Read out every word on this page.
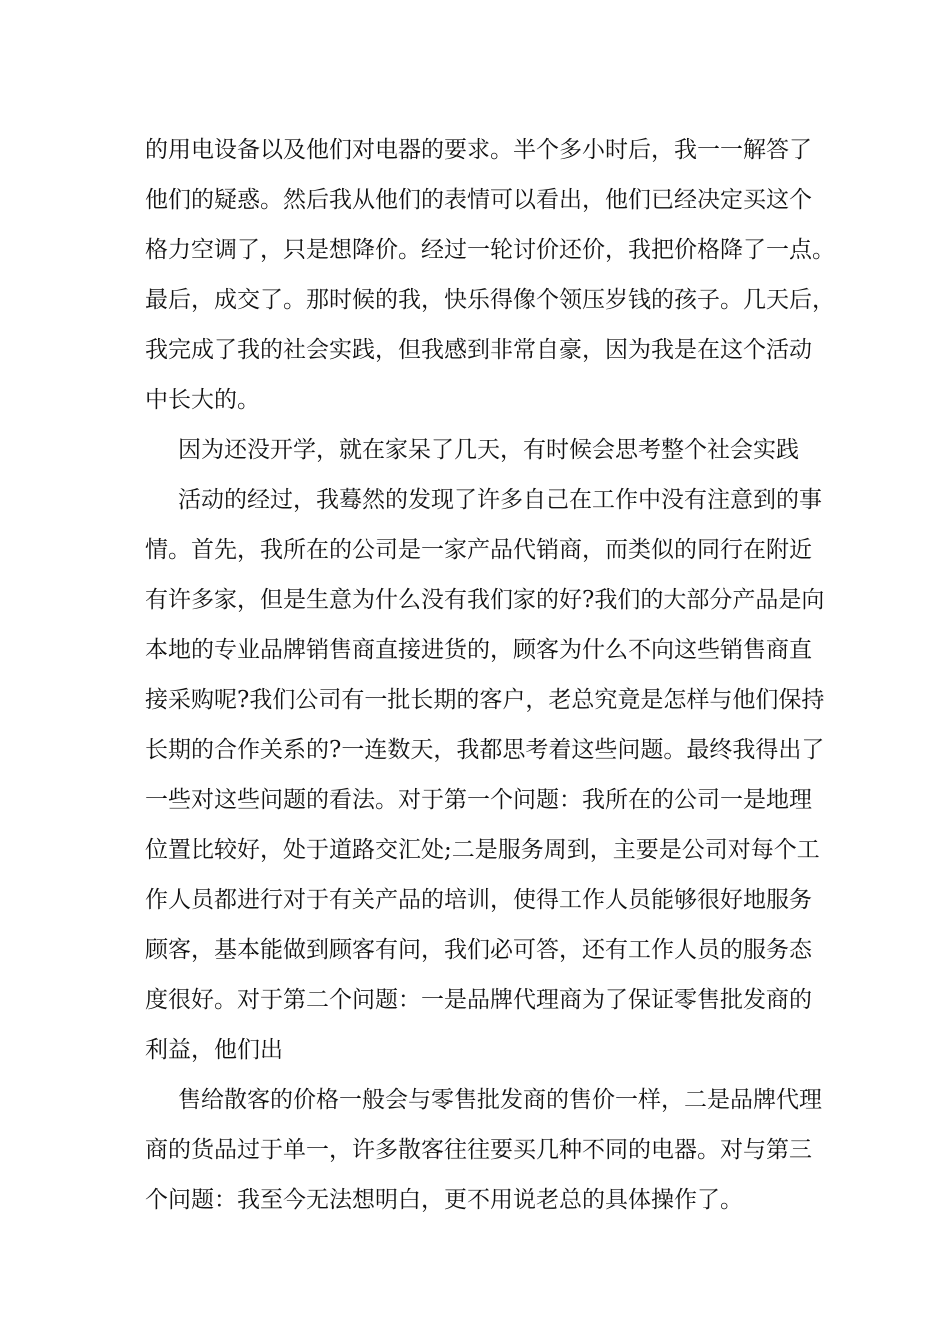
的用电设备以及他们对电器的要求。半个多小时后，我一一解答了
他们的疑惑。然后我从他们的表情可以看出，他们已经决定买这个
格力空调了，只是想降价。经过一轮讨价还价，我把价格降了一点。
最后，成交了。那时候的我，快乐得像个领压岁钱的孩子。几天后，
我完成了我的社会实践，但我感到非常自豪，因为我是在这个活动
中长大的。
因为还没开学，就在家呆了几天，有时候会思考整个社会实践
活动的经过，我蓦然的发现了许多自己在工作中没有注意到的事
情。首先，我所在的公司是一家产品代销商，而类似的同行在附近
有许多家，但是生意为什么没有我们家的好?我们的大部分产品是向
本地的专业品牌销售商直接进货的，顾客为什么不向这些销售商直
接采购呢?我们公司有一批长期的客户，老总究竟是怎样与他们保持
长期的合作关系的?一连数天，我都思考着这些问题。最终我得出了
一些对这些问题的看法。对于第一个问题：我所在的公司一是地理
位置比较好，处于道路交汇处;二是服务周到，主要是公司对每个工
作人员都进行对于有关产品的培训，使得工作人员能够很好地服务
顾客，基本能做到顾客有问，我们必可答，还有工作人员的服务态
度很好。对于第二个问题：一是品牌代理商为了保证零售批发商的
利益，他们出
售给散客的价格一般会与零售批发商的售价一样，二是品牌代理
商的货品过于单一，许多散客往往要买几种不同的电器。对与第三
个问题：我至今无法想明白，更不用说老总的具体操作了。
